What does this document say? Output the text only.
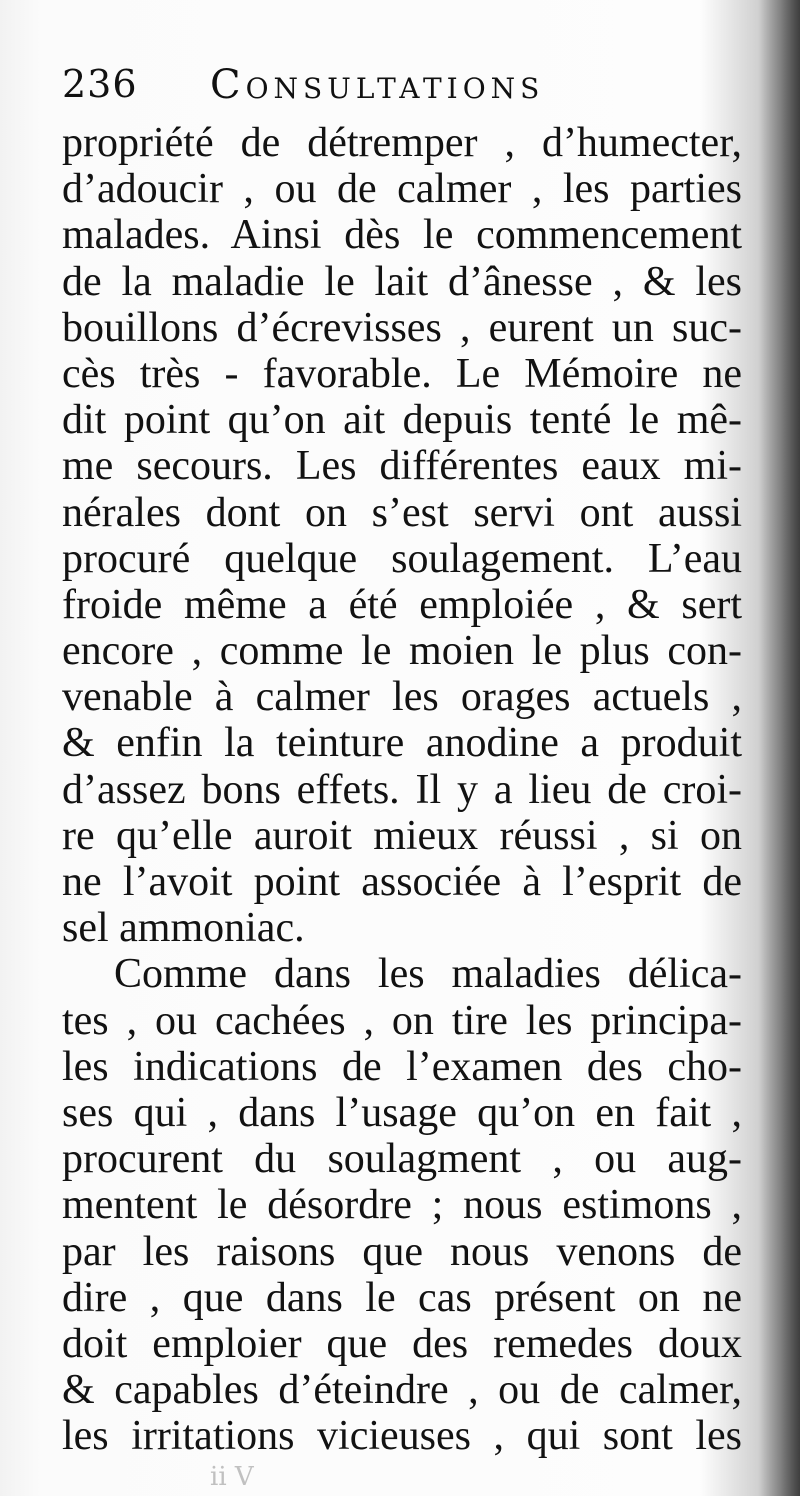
236 Consultations
propriété de détremper , d’humecter,
d’adoucir , ou de calmer , les parties
malades. Ainsi dès le commencement
de la maladie le lait d’ânesse , & les
bouillons d’écrevisses , eurent un suc-
cès très - favorable. Le Mémoire ne
dit point qu’on ait depuis tenté le mê-
me secours. Les différentes eaux mi-
nérales dont on s’est servi ont aussi
procuré quelque soulagement. L’eau
froide même a été emploiée , & sert
encore , comme le moien le plus con-
venable à calmer les orages actuels ,
& enfin la teinture anodine a produit
d’assez bons effets. Il y a lieu de croi-
re qu’elle auroit mieux réussi , si on
ne l’avoit point associée à l’esprit de
sel ammoniac.
Comme dans les maladies délica-
tes , ou cachées , on tire les principa-
les indications de l’examen des cho-
ses qui , dans l’usage qu’on en fait ,
procurent du soulagment , ou aug-
mentent le désordre ; nous estimons ,
par les raisons que nous venons de
dire , que dans le cas présent on ne
doit emploier que des remedes doux
& capables d’éteindre , ou de calmer,
les irritations vicieuses , qui sont les
ii V
